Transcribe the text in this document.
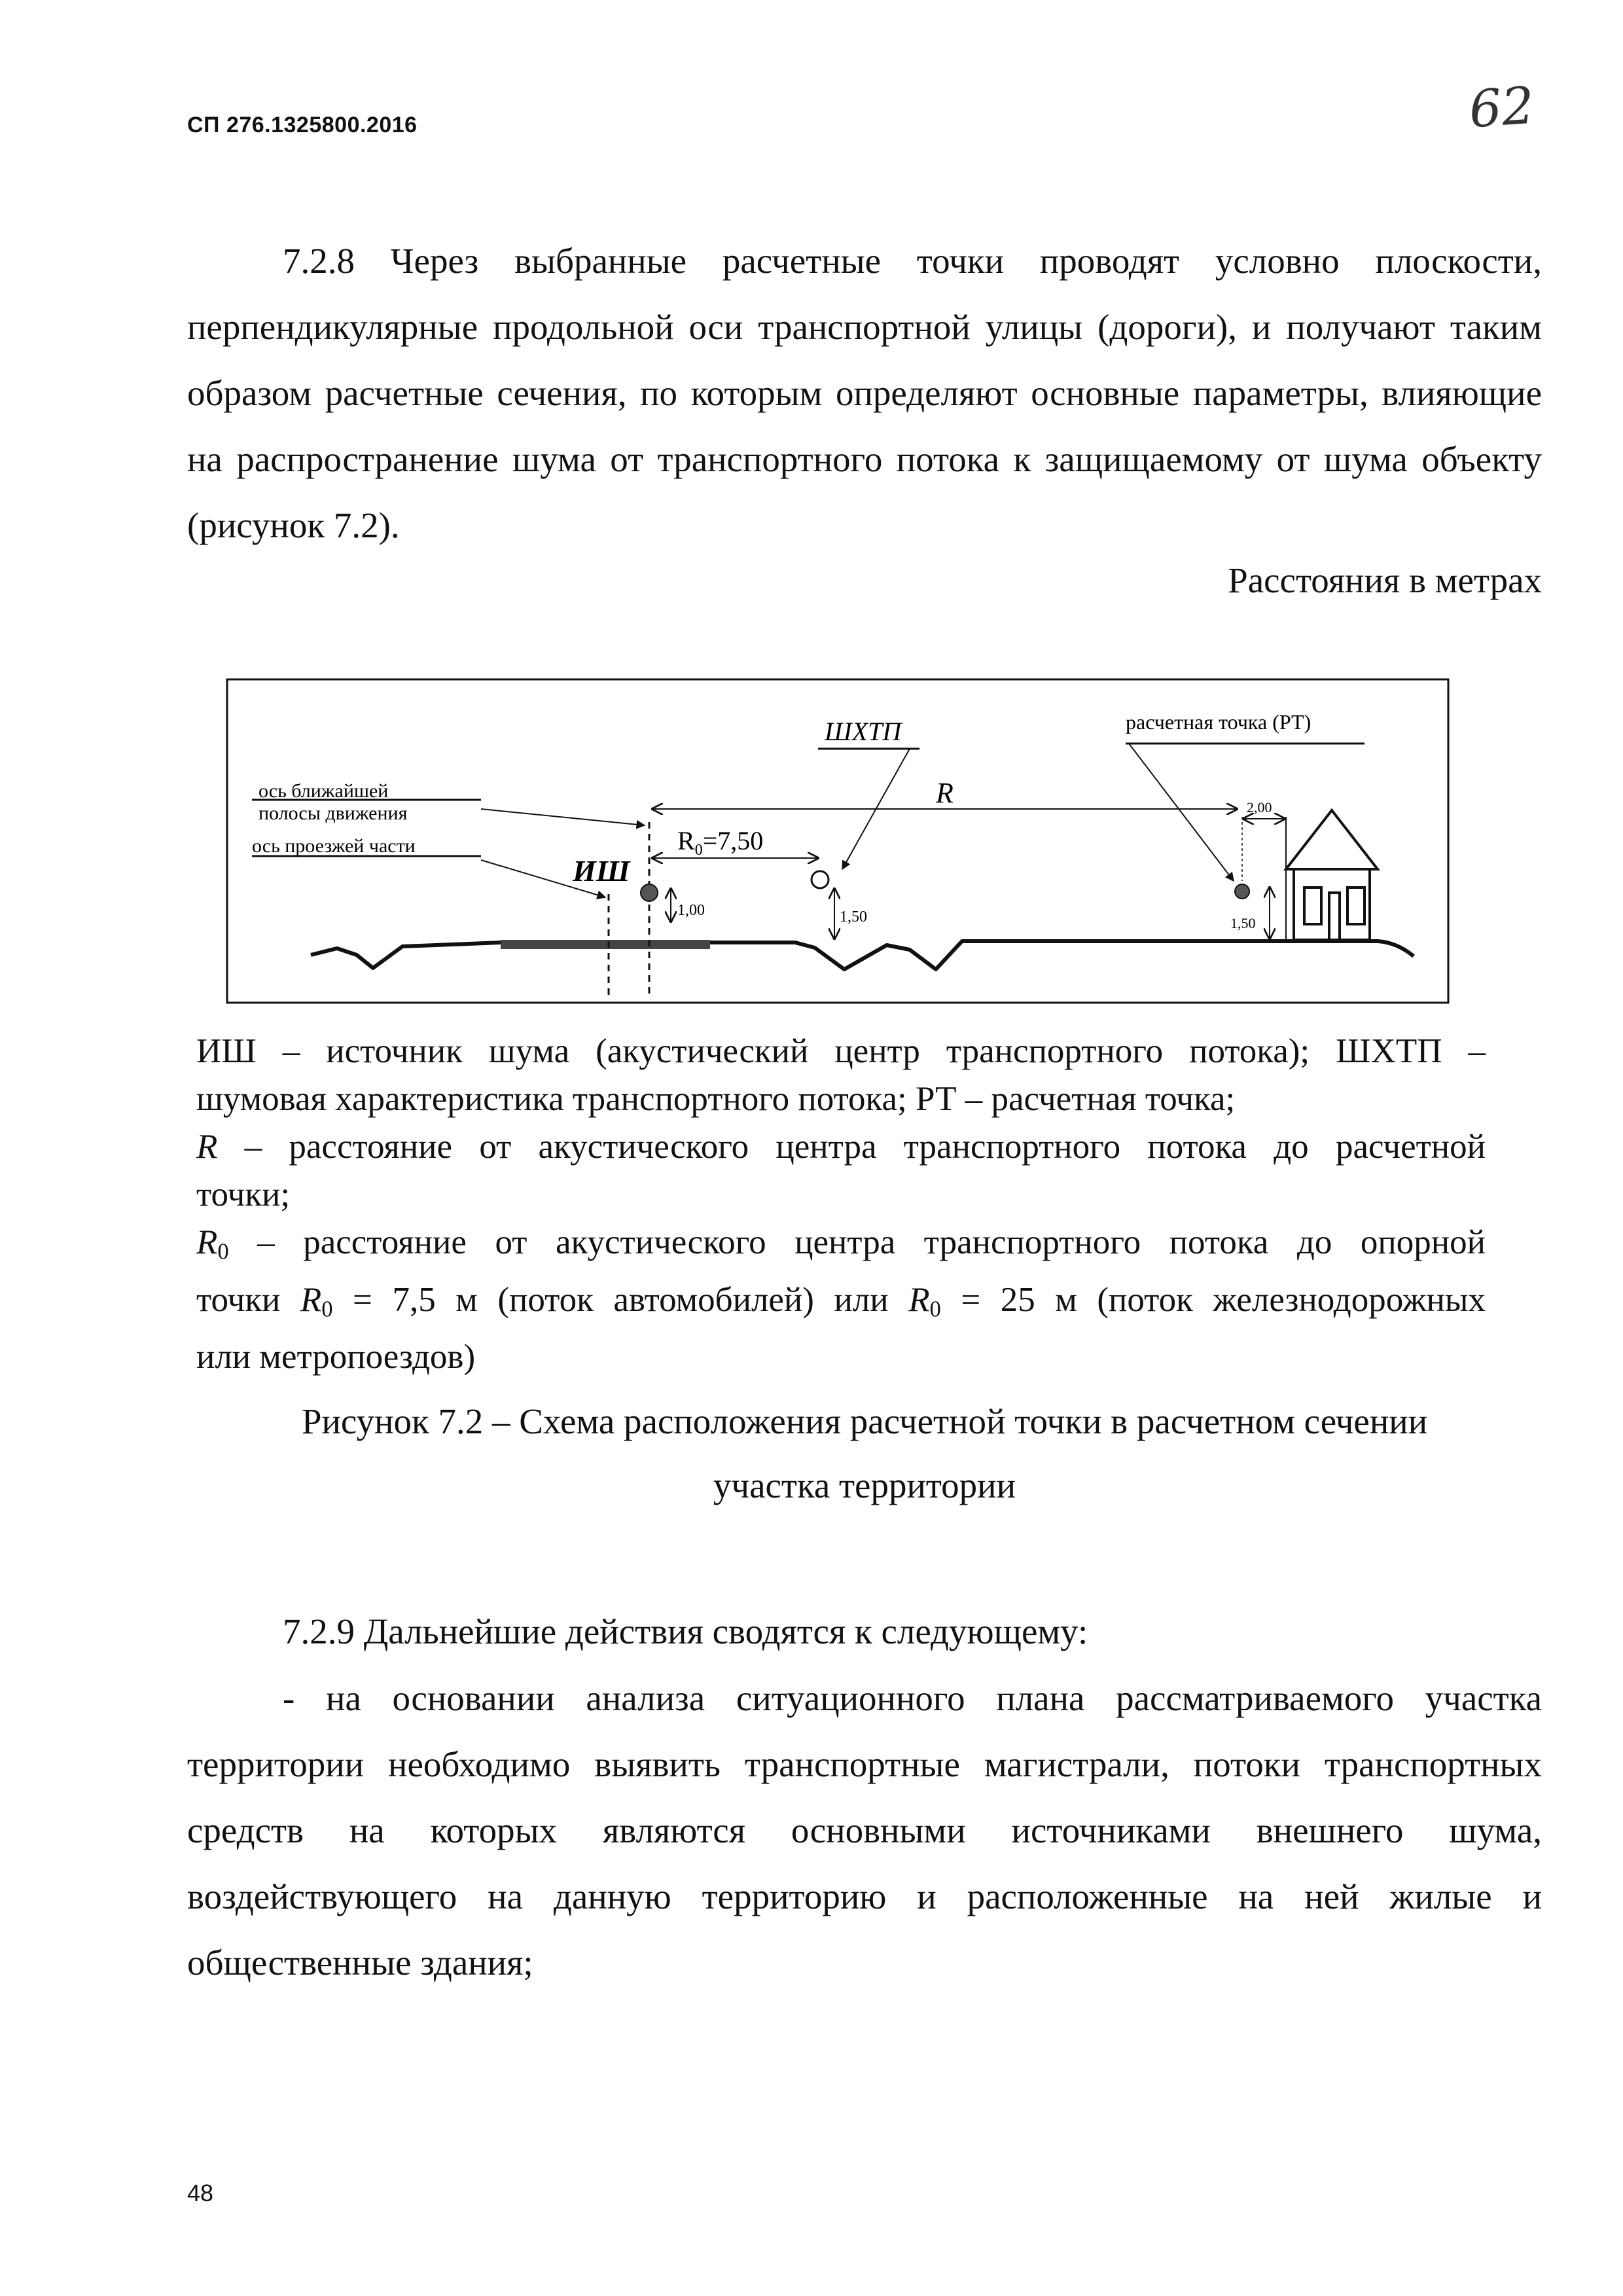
СП 276.1325800.2016	62

7.2.8 Через выбранные расчетные точки проводят условно плоскости, перпендикулярные продольной оси транспортной улицы (дороги), и получают таким образом расчетные сечения, по которым определяют основные параметры, влияющие на распространение шума от транспортного потока к защищаемому от шума объекту (рисунок 7.2).

Расстояния в метрах
ось ближайшей
полосы движения
ось проезжей части
ИШ
1,00
ШХТП
1,50
$R_0=7,50$
R
расчетная точка (РТ)
1,50
2,00

ИШ – источник шума (акустический центр транспортного потока); ШХТП –

шумовая характеристика транспортного потока; РТ – расчетная точка;

R – расстояние от акустического центра транспортного потока до расчетной

точки;

$R_0$ – расстояние от акустического центра транспортного потока до опорной

точки $R_0 = 7,5$ м (поток автомобилей) или $R_0 = 25$ м (поток железнодорожных

или метропоездов)

Рисунок 7.2 – Схема расположения расчетной точки в расчетном сечении
участка территории

7.2.9 Дальнейшие действия сводятся к следующему:

- на основании анализа ситуационного плана рассматриваемого участка территории необходимо выявить транспортные магистрали, потоки транспортных средств на которых являются основными источниками внешнего шума, воздействующего на данную территорию и расположенные на ней жилые и общественные здания;

48
